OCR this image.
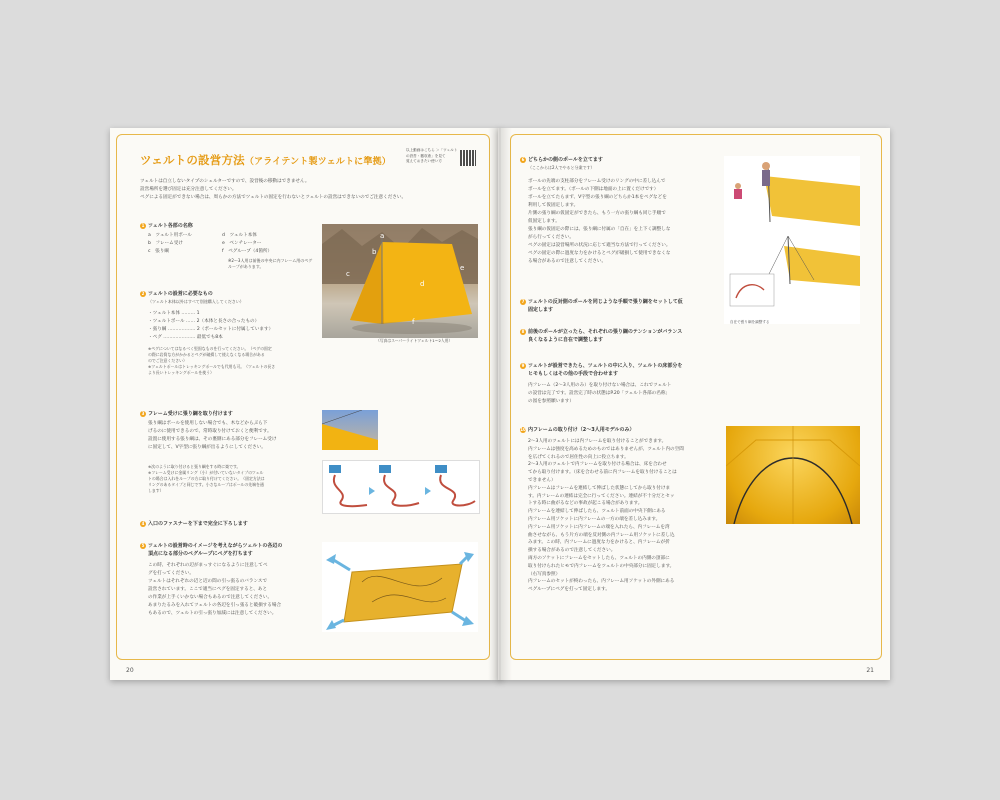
ツェルトの設営方法（アライテント製ツェルトに準拠）
以上動画はこちら ＞「ツェルト
の設営・撤収術」を見て
覚えておきたい使い方
ツェルトは自立しないタイプのシェルターですので、設営後の移動はできません。
設営場所を選び固定は充分注意してください。
ペグによる固定ができない場合は、周らかの方法でツェルトの固定を行わないとツェルトの設営はできないのでご注意ください。
1 ツェルト各部の名称
a　ツェルト用ポール
b　フレーム受け
c　張り綱
d　ツェルト本体
e　ベンチレーター
f　ペグループ（4箇所）
※2〜3人用は前後の中央に内フレーム用のペグループがあります。
a
b
c
d
e
f
（写真はスーパーライトツェルト1〜2人用）
2 ツェルトの設営に必要なもの
（ツェルト本体以外はすべて別途購入してください）
・ツェルト本体 ……… 1
・ツェルトポール …… 2（本体と長さの合ったもの）
・張り綱 ……………… 2（ポールセットに付属しています）
・ペグ ………………… 最低でも8本
※ペグについてはなるべく堅固なものを行ってください。（ペグの固定
の際に岩質な方がかかるとペグが破損して使えなくなる場合がある
のでご注意ください）
※ツェルトポールはトレッキングポールでも代用も可。（ツェルトの長さ
より長いトレッキングポールを使う）
3 フレーム受けに張り綱を取り付けます
張り綱はポールを使用しない場合でも、木などからぶら下
げるのに使用できるので、常時取り付けておくと便利です。
設置に使用する張り綱は、その裏側にある部分をフレーム受け
に固定して、V字型に張り綱が出るようにしてください。
※次のように取り付けると張り綱をする時に楽です。
※フレーム受けに金属リング（小）が付いていないタイプのツェル
トの場合は入れをループの方に取り付けてください。（固定方法は
リングのあるタイプと同じです。小さなループはポールの先端を通
します）
4 入口のファスナーを下まで完全に下ろします
5 ツェルトの設営時のイメージを考えながらツェルトの各辺の
頂点になる部分のペグループにペグを打ちます
この時、それぞれの辺がまっすぐになるように注意してペ
グを打ってください。
ツェルトはそれぞれの辺と辺の間の引っ張るのバランスで
設営されています。ここで適当にペグを固定すると、あと
の作業が上手くいかない場合もあるので注意してください。
あまりたるみを入れてツェルトの各辺を引っ張ると破損する場合
もあるので、ツェルトの引っ張り加減には注意してください。
20
6 どちらかの側のポールを立てます
（ここからは2人でやると分業です）
ポールの先端の支柱部分をフレーム受けのリングの中に差し込んで
ポールを立てます。（ポールの下側は地面の上に置くだけです）
ポールを立てたらまず、V字型の張り綱のどちらか1本をペグなどを
利用して仮固定します。
片側の張り綱の仮固定ができたら、もう一方の張り綱も同じ手順で
仮固定します。
張り綱の仮固定の際には、張り綱に付属の「自在」を上下く調整しな
がら行ってください。
ペグの固定は設営場所の状況に応じて適当な方法で行ってください。
ペグの固定の際に過度な力をかけるとペグが破損して使用できなくな
る場合があるので注意してください。
自在で張り綱を調整する
7 ツェルトの反対側のポールを同じような手順で張り綱をセットして仮
固定します
8 前後のポールが立ったら、それぞれの張り綱のテンションがバランス
良くなるように自在で調整します
9 ツェルトが設営できたら、ツェルトの中に入り、ツェルトの床部分を
ヒモもしくはその他の手段で合わせます
内フレーム（2〜3人用のみ）を取り付けない場合は、これでツェルト
の設営は完了です。設営完了時の状態はP.20「ツェルト各部の名称」
の図を参照願います）
10 内フレームの取り付け（2〜3人用モデルのみ）
2〜3人用のツェルトには内フレームを取り付けることができます。
内フレームは強度を高めるためのものではありませんが、ツェルト内の空間
を広げてくれるので居住性の向上に役立ちます。
2〜3人用のツェルトで内フレームを取り付ける場合は、床を合わせ
てから取り付けます。（床を合わせる前に内フレームを取り付けることは
できません）
内フレームはフレームを連結して伸ばした状態にしてから取り付けま
す。内フレームの連結は完全に行ってください。連結が不十分だとセッ
トする時に曲がるなどの事故が起こる場合があります。
内フレームを連結して伸ばしたら、ツェルト前面の中央下側にある
内フレーム用ソケットに内フレームの一方の端を差し込みます。
内フレーム用ソケットに内フレームの端を入れたら、内フレームを湾
曲させながら、もう片方の端を反対側の内フレーム用ソケットに差し込
みます。この時、内フレームに過度な力をかけると、内フレームが折
損する場合があるので注意してください。
両方のソケットにフレームをセットしたら、ツェルトの内側の頂部に
取り付けられたヒモで内フレームをツェルトの中央部分に固定します。
（右写真参照）
内フレームのセットが終わったら、内フレーム用ソケットの外側にある
ペグループにペグを打って固定します。
21
